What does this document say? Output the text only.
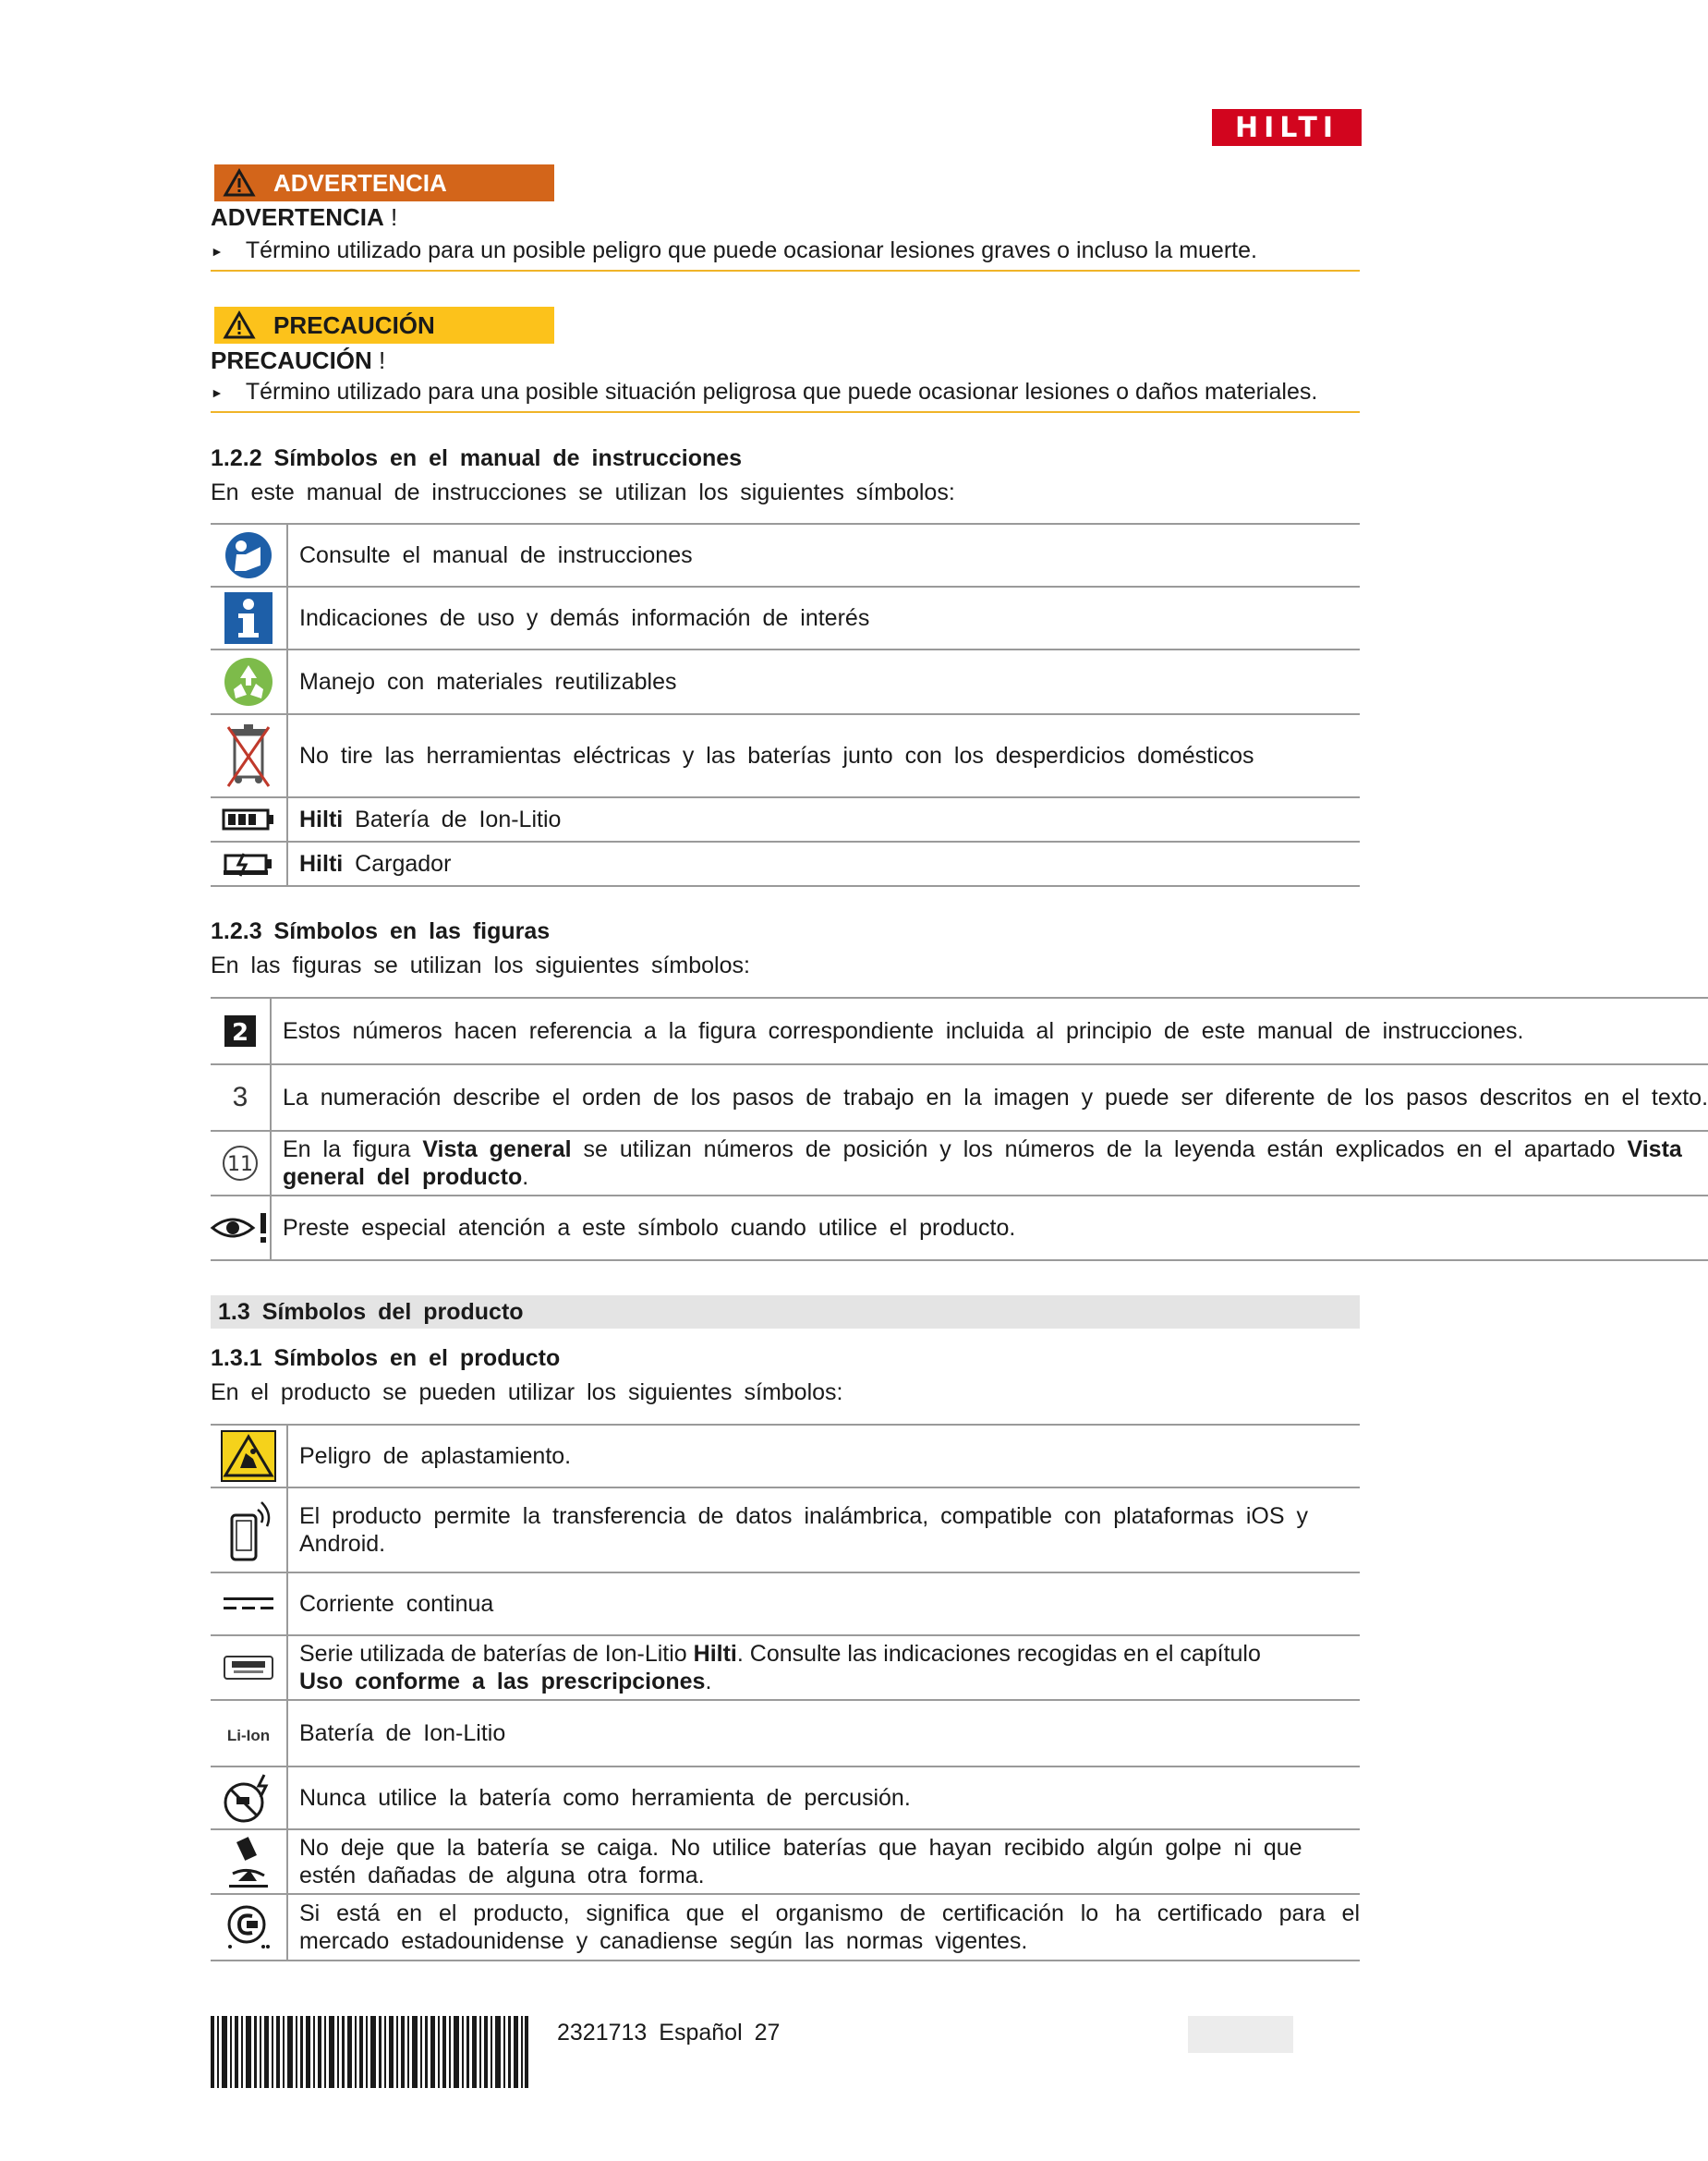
HILTI
ADVERTENCIA
ADVERTENCIA !
► Término utilizado para un posible peligro que puede ocasionar lesiones graves o incluso la muerte.
PRECAUCIÓN
PRECAUCIÓN !
► Término utilizado para una posible situación peligrosa que puede ocasionar lesiones o daños materiales.
1.2.2 Símbolos en el manual de instrucciones
En este manual de instrucciones se utilizan los siguientes símbolos:
	Consulte el manual de instrucciones

	Indicaciones de uso y demás información de interés

	Manejo con materiales reutilizables

	No tire las herramientas eléctricas y las baterías junto con los desperdicios domésticos

	Hilti Batería de Ion-Litio

	Hilti Cargador
1.2.3 Símbolos en las figuras
En las figuras se utilizan los siguientes símbolos:
2	Estos números hacen referencia a la figura correspondiente incluida al principio de este manual de instrucciones.
3	La numeración describe el orden de los pasos de trabajo en la imagen y puede ser diferente de los pasos descritos en el texto.

11	En la figura Vista general se utilizan números de posición y los números de la leyenda están explicados en el apartado Vista general del producto.

	Preste especial atención a este símbolo cuando utilice el producto.
1.3 Símbolos del producto
1.3.1 Símbolos en el producto
En el producto se pueden utilizar los siguientes símbolos:
	Peligro de aplastamiento.

	El producto permite la transferencia de datos inalámbrica, compatible con plataformas iOS y Android.

	Corriente continua

	Serie utilizada de baterías de Ion-Litio Hilti. Consulte las indicaciones recogidas en el capítulo
Uso conforme a las prescripciones.
Li-Ion	Batería de Ion-Litio

	Nunca utilice la batería como herramienta de percusión.

	No deje que la batería se caiga. No utilice baterías que hayan recibido algún golpe ni que estén dañadas de alguna otra forma.

	Si está en el producto, significa que el organismo de certificación lo ha certificado para el mercado estadounidense y canadiense según las normas vigentes.
2321713 Español 27
